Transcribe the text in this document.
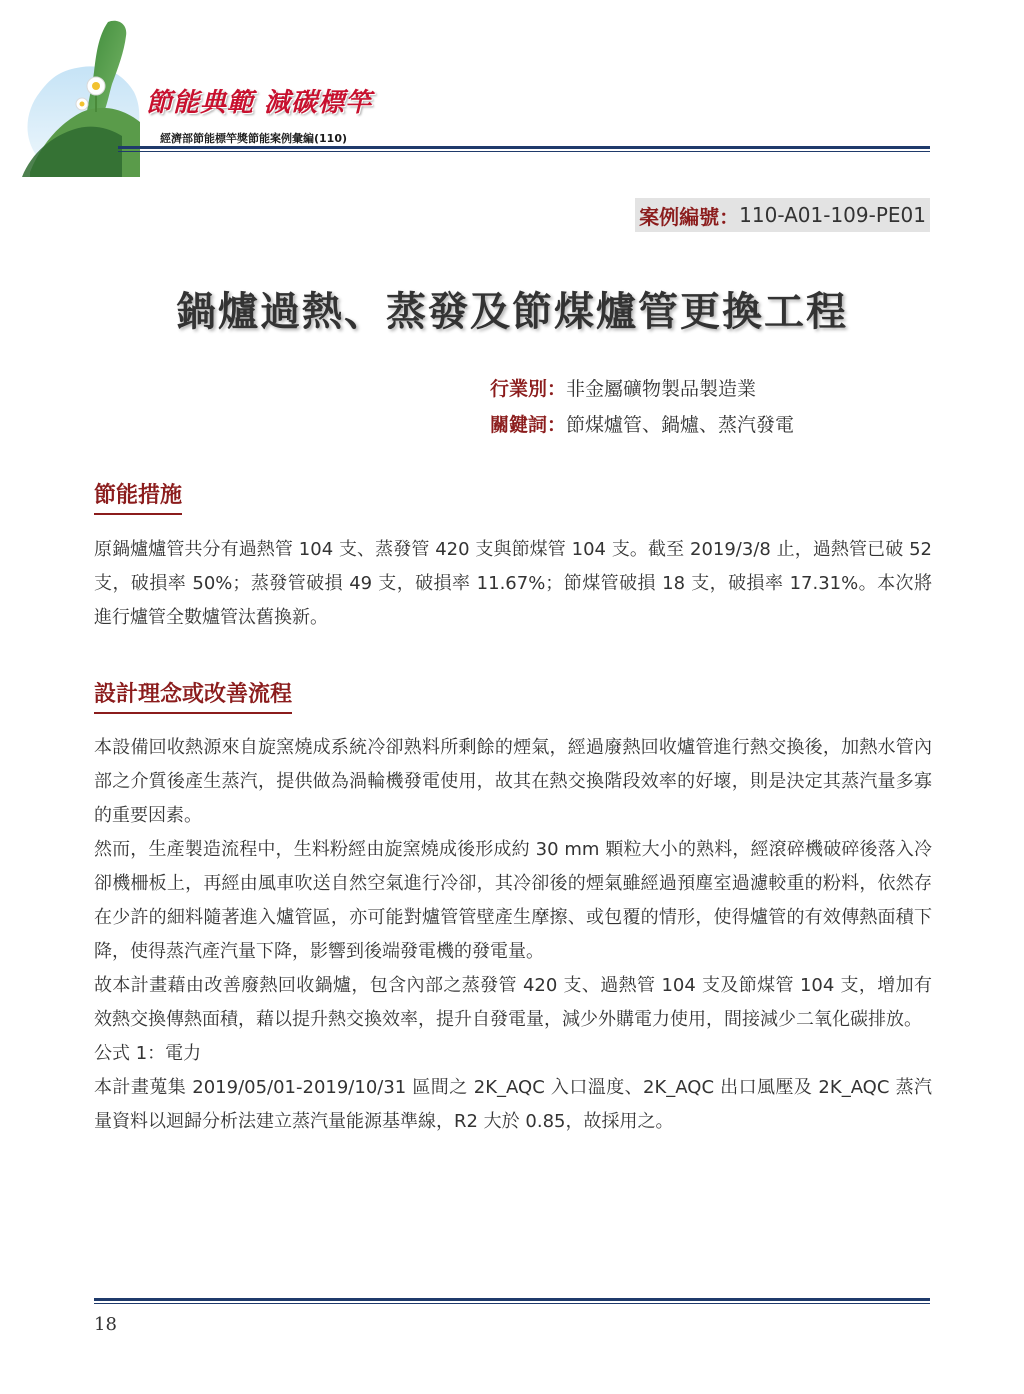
節能典範 減碳標竿
經濟部節能標竿獎節能案例彙編(110)
案例編號： 110-A01-109-PE01
鍋爐過熱、蒸發及節煤爐管更換工程
行業別：非金屬礦物製品製造業
關鍵詞：節煤爐管、鍋爐、蒸汽發電
節能措施

原鍋爐爐管共分有過熱管 104 支、蒸發管 420 支與節煤管 104 支。截至 2019/3/8 止，過熱管已破 52 支，破損率 50%；蒸發管破損 49 支，破損率 11.67%；節煤管破損 18 支，破損率 17.31%。本次將進行爐管全數爐管汰舊換新。

設計理念或改善流程

本設備回收熱源來自旋窯燒成系統冷卻熟料所剩餘的煙氣，經過廢熱回收爐管進行熱交換後，加熱水管內部之介質後產生蒸汽，提供做為渦輪機發電使用，故其在熱交換階段效率的好壞，則是決定其蒸汽量多寡的重要因素。

然而，生產製造流程中，生料粉經由旋窯燒成後形成約 30 mm 顆粒大小的熟料，經滾碎機破碎後落入冷卻機柵板上，再經由風車吹送自然空氣進行冷卻，其冷卻後的煙氣雖經過預塵室過濾較重的粉料，依然存在少許的細料隨著進入爐管區，亦可能對爐管管壁產生摩擦、或包覆的情形，使得爐管的有效傳熱面積下降，使得蒸汽產汽量下降，影響到後端發電機的發電量。

故本計畫藉由改善廢熱回收鍋爐，包含內部之蒸發管 420 支、過熱管 104 支及節煤管 104 支，增加有效熱交換傳熱面積，藉以提升熱交換效率，提升自發電量，減少外購電力使用，間接減少二氧化碳排放。

公式 1：電力

本計畫蒐集 2019/05/01-2019/10/31 區間之 2K_AQC 入口溫度、2K_AQC 出口風壓及 2K_AQC 蒸汽量資料以迴歸分析法建立蒸汽量能源基準線，R2 大於 0.85，故採用之。

18
